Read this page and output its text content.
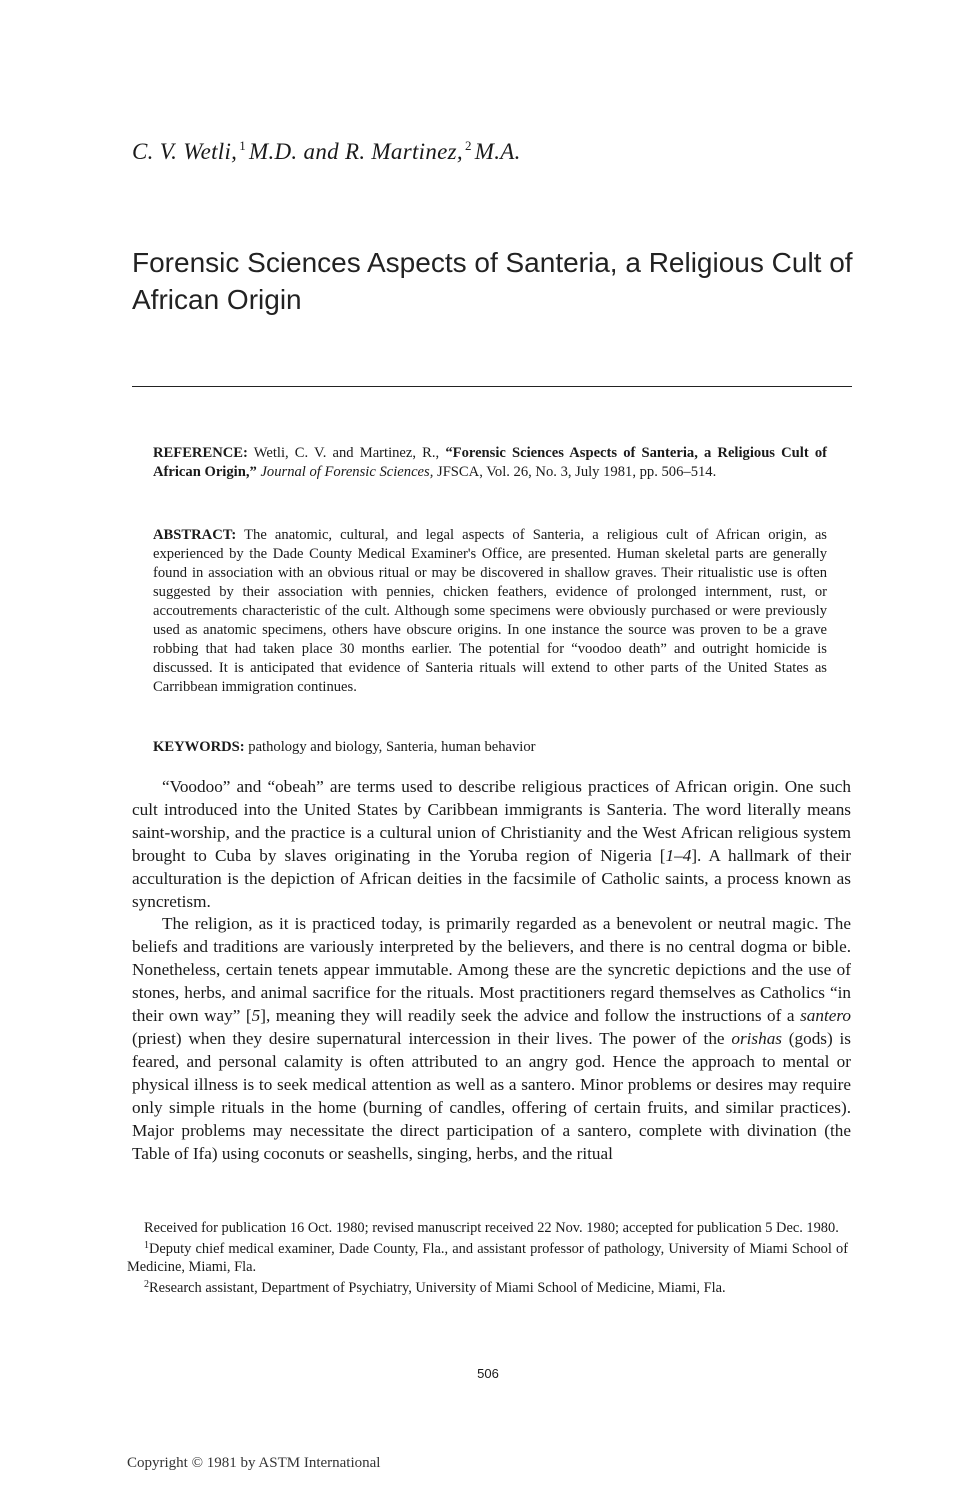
C. V. Wetli, $^1$ M.D. and R. Martinez, $^2$ M.A.
Forensic Sciences Aspects of Santeria, a Religious Cult of African Origin
REFERENCE: Wetli, C. V. and Martinez, R., “Forensic Sciences Aspects of Santeria, a Religious Cult of African Origin,” Journal of Forensic Sciences, JFSCA, Vol. 26, No. 3, July 1981, pp. 506–514.
ABSTRACT: The anatomic, cultural, and legal aspects of Santeria, a religious cult of African origin, as experienced by the Dade County Medical Examiner's Office, are presented. Human skeletal parts are generally found in association with an obvious ritual or may be discovered in shallow graves. Their ritualistic use is often suggested by their association with pennies, chicken feathers, evidence of prolonged internment, rust, or accoutrements characteristic of the cult. Although some specimens were obviously purchased or were previously used as anatomic specimens, others have obscure origins. In one instance the source was proven to be a grave robbing that had taken place 30 months earlier. The potential for “voodoo death” and outright homicide is discussed. It is anticipated that evidence of Santeria rituals will extend to other parts of the United States as Carribbean immigration continues.
KEYWORDS: pathology and biology, Santeria, human behavior

“Voodoo” and “obeah” are terms used to describe religious practices of African origin. One such cult introduced into the United States by Caribbean immigrants is Santeria. The word literally means saint-worship, and the practice is a cultural union of Christianity and the West African religious system brought to Cuba by slaves originating in the Yoruba region of Nigeria [1–4]. A hallmark of their acculturation is the depiction of African deities in the facsimile of Catholic saints, a process known as syncretism.

The religion, as it is practiced today, is primarily regarded as a benevolent or neutral magic. The beliefs and traditions are variously interpreted by the believers, and there is no central dogma or bible. Nonetheless, certain tenets appear immutable. Among these are the syncretic depictions and the use of stones, herbs, and animal sacrifice for the rituals. Most practitioners regard themselves as Catholics “in their own way” [5], meaning they will readily seek the advice and follow the instructions of a santero (priest) when they desire supernatural intercession in their lives. The power of the orishas (gods) is feared, and personal calamity is often attributed to an angry god. Hence the approach to mental or physical illness is to seek medical attention as well as a santero. Minor problems or desires may require only simple rituals in the home (burning of candles, offering of certain fruits, and similar practices). Major problems may necessitate the direct participation of a santero, complete with divination (the Table of Ifa) using coconuts or seashells, singing, herbs, and the ritual

Received for publication 16 Oct. 1980; revised manuscript received 22 Nov. 1980; accepted for publication 5 Dec. 1980.

$^1$Deputy chief medical examiner, Dade County, Fla., and assistant professor of pathology, University of Miami School of Medicine, Miami, Fla.

$^2$Research assistant, Department of Psychiatry, University of Miami School of Medicine, Miami, Fla.

506
Copyright © 1981 by ASTM International
